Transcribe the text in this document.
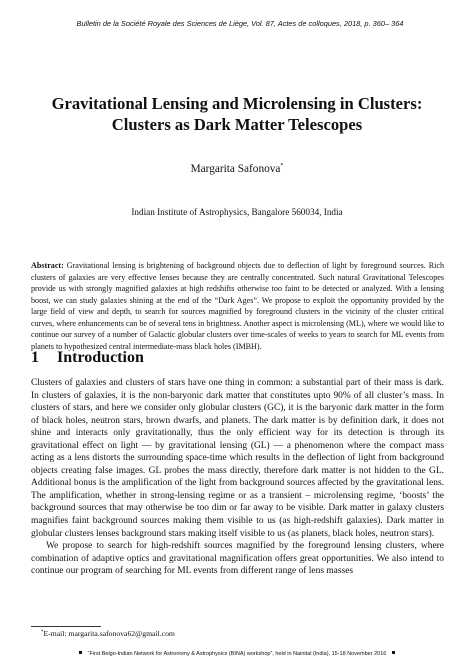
Bulletin de la Société Royale des Sciences de Liège, Vol. 87, Actes de colloques, 2018, p. 360– 364
Gravitational Lensing and Microlensing in Clusters:
Clusters as Dark Matter Telescopes
Margarita Safonova*
Indian Institute of Astrophysics, Bangalore 560034, India
Abstract: Gravitational lensing is brightening of background objects due to deflection of light by foreground sources. Rich clusters of galaxies are very effective lenses because they are centrally concentrated. Such natural Gravitational Telescopes provide us with strongly magnified galaxies at high redshifts otherwise too faint to be detected or analyzed. With a lensing boost, we can study galaxies shining at the end of the “Dark Ages”. We propose to exploit the opportunity provided by the large field of view and depth, to search for sources magnified by foreground clusters in the vicinity of the cluster critical curves, where enhancements can be of several tens in brightness. Another aspect is microlensing (ML), where we would like to continue our survey of a number of Galactic globular clusters over time-scales of weeks to years to search for ML events from planets to hypothesized central intermediate-mass black holes (IMBH).
1 Introduction

Clusters of galaxies and clusters of stars have one thing in common: a substantial part of their mass is dark. In clusters of galaxies, it is the non-baryonic dark matter that constitutes upto 90% of all cluster’s mass. In clusters of stars, and here we consider only globular clusters (GC), it is the baryonic dark matter in the form of black holes, neutron stars, brown dwarfs, and planets. The dark matter is by definition dark, it does not shine and interacts only gravitationally, thus the only efficient way for its detection is through its gravitational effect on light — by gravitational lensing (GL) — a phenomenon where the compact mass acting as a lens distorts the surrounding space-time which results in the deflection of light from background objects creating false images. GL probes the mass directly, therefore dark matter is not hidden to the GL. Additional bonus is the amplification of the light from background sources affected by the gravitational lens. The amplification, whether in strong-lensing regime or as a transient – microlensing regime, ‘boosts’ the background sources that may otherwise be too dim or far away to be visible. Dark matter in galaxy clusters magnifies faint background sources making them visible to us (as high-redshift galaxies). Dark matter in globular clusters lenses background stars making itself visible to us (as planets, black holes, neutron stars).

We propose to search for high-redshift sources magnified by the foreground lensing clusters, where combination of adaptive optics and gravitational magnification offers great opportunities. We also intend to continue our program of searching for ML events from different range of lens masses

*E-mail: margarita.safonova62@gmail.com
“First Belgo-Indian Network for Astronomy & Astrophysics (BINA) workshop”, held in Nainital (India), 15-18 November 2016
